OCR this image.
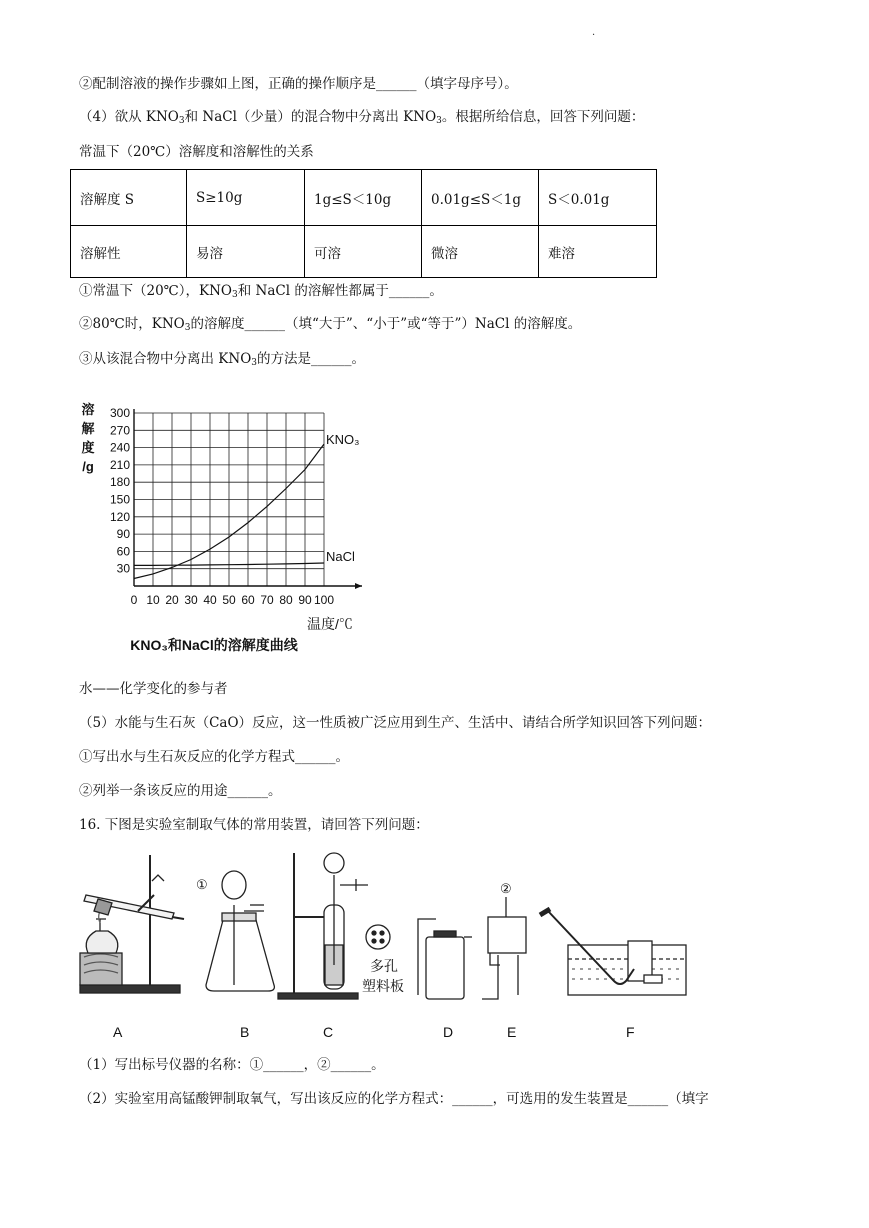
·
②配制溶液的操作步骤如上图，正确的操作顺序是______（填字母序号）。
（4）欲从 $KNO_3$和 NaCl（少量）的混合物中分离出 $KNO_3$。根据所给信息，回答下列问题：
常温下（20℃）溶解度和溶解性的关系
溶解度 S	S≥10g	1g≤S＜10g	0.01g≤S＜1g	S＜0.01g
溶解性	易溶	可溶	微溶	难溶
①常温下（20℃），$KNO_3$和 NaCl 的溶解性都属于______。
②80℃时，$KNO_3$的溶解度______（填“大于”、“小于”或“等于”）NaCl 的溶解度。
③从该混合物中分离出 $KNO_3$的方法是______。
0 10 20 30 40 50 60 70 80 90 100
30
60
90
120
150
180
210
240
270
300
KNO₃
NaCl
溶
解
度
/g
温度/℃
KNO₃和NaCl的溶解度曲线
水——化学变化的参与者
（5）水能与生石灰（CaO）反应，这一性质被广泛应用到生产、生活中、请结合所学知识回答下列问题：
①写出水与生石灰反应的化学方程式______。
②列举一条该反应的用途______。
16. 下图是实验室制取气体的常用装置，请回答下列问题：
①
多孔
塑料板
②
A	B	C	D	E	F
（1）写出标号仪器的名称：①______，②______。
（2）实验室用高锰酸钾制取氧气，写出该反应的化学方程式：______，可选用的发生装置是______（填字
